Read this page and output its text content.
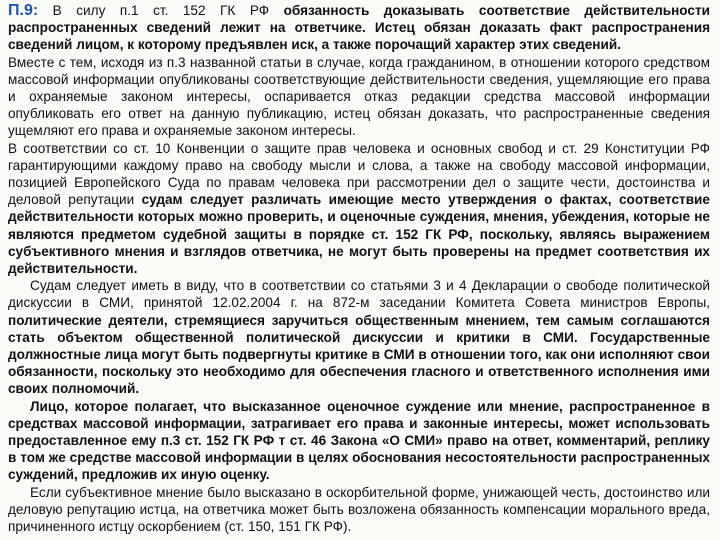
П.9: В силу п.1 ст. 152 ГК РФ обязанность доказывать соответствие действительности распространенных сведений лежит на ответчике. Истец обязан доказать факт распространения сведений лицом, к которому предъявлен иск, а также порочащий характер этих сведений.

Вместе с тем, исходя из п.3 названной статьи в случае, когда гражданином, в отношении которого средством массовой информации опубликованы соответствующие действительности сведения, ущемляющие его права и охраняемые законом интересы, оспаривается отказ редакции средства массовой информации опубликовать его ответ на данную публикацию, истец обязан доказать, что распространенные сведения ущемляют его права и охраняемые законом интересы.

В соответствии со ст. 10 Конвенции о защите прав человека и основных свобод и ст. 29 Конституции РФ гарантирующими каждому право на свободу мысли и слова, а также на свободу массовой информации, позицией Европейского Суда по правам человека при рассмотрении дел о защите чести, достоинства и деловой репутации судам следует различать имеющие место утверждения о фактах, соответствие действительности которых можно проверить, и оценочные суждения, мнения, убеждения, которые не являются предметом судебной защиты в порядке ст. 152 ГК РФ, поскольку, являясь выражением субъективного мнения и взглядов ответчика, не могут быть проверены на предмет соответствия их действительности.

Судам следует иметь в виду, что в соответствии со статьями 3 и 4 Декларации о свободе политической дискуссии в СМИ, принятой 12.02.2004 г. на 872-м заседании Комитета Совета министров Европы, политические деятели, стремящиеся заручиться общественным мнением, тем самым соглашаются стать объектом общественной политической дискуссии и критики в СМИ. Государственные должностные лица могут быть подвергнуты критике в СМИ в отношении того, как они исполняют свои обязанности, поскольку это необходимо для обеспечения гласного и ответственного исполнения ими своих полномочий.

Лицо, которое полагает, что высказанное оценочное суждение или мнение, распространенное в средствах массовой информации, затрагивает его права и законные интересы, может использовать предоставленное ему п.3 ст. 152 ГК РФ т ст. 46 Закона «О СМИ» право на ответ, комментарий, реплику в том же средстве массовой информации в целях обоснования несостоятельности распространенных суждений, предложив их иную оценку.

Если субъективное мнение было высказано в оскорбительной форме, унижающей честь, достоинство или деловую репутацию истца, на ответчика может быть возложена обязанность компенсации морального вреда, причиненного истцу оскорбением (ст. 150, 151 ГК РФ).
